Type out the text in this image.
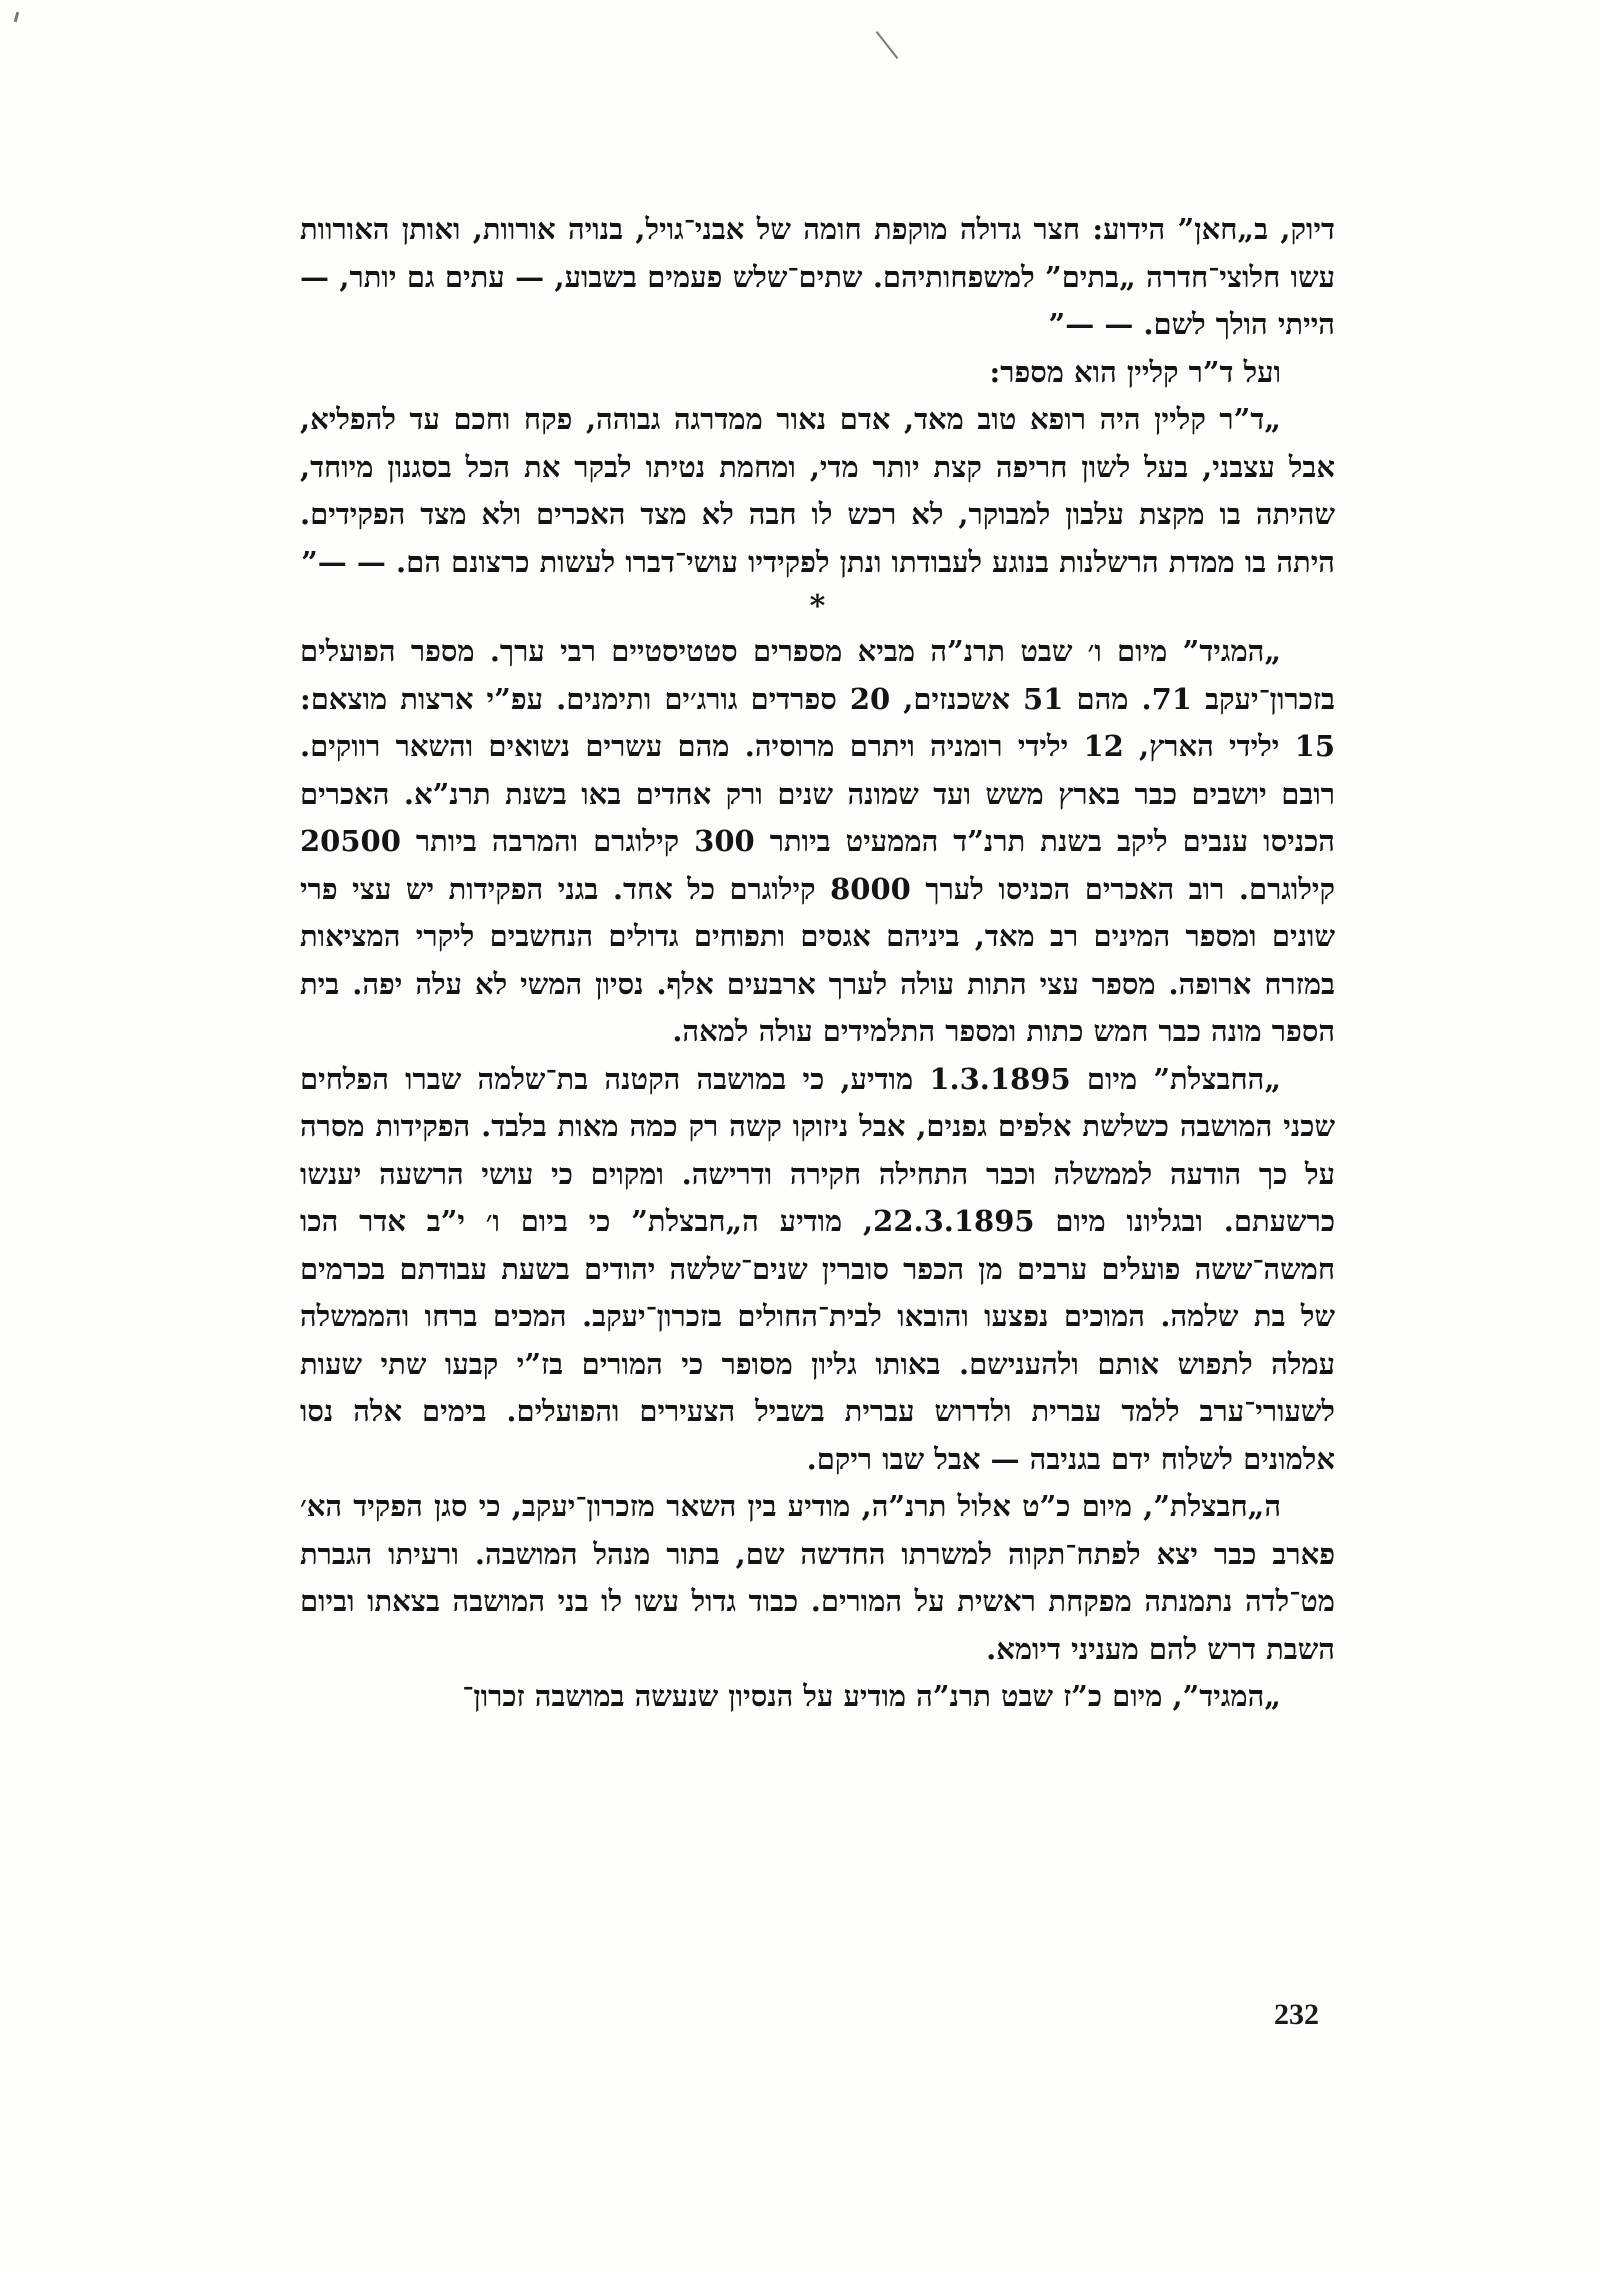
דיוק, ב„חאן” הידוע: חצר גדולה מוקפת חומה של אבני־גויל, בנויה אורוות, ואותן האורוות עשו חלוצי־חדרה „בתים” למשפחותיהם. שתים־שלש פעמים בשבוע, — עתים גם יותר, — הייתי הולך לשם. — —”

ועל ד”ר קליין הוא מספר:

„ד”ר קליין היה רופא טוב מאד, אדם נאור ממדרגה גבוהה, פקח וחכם עד להפליא, אבל עצבני, בעל לשון חריפה קצת יותר מדי, ומחמת נטיתו לבקר את הכל בסגנון מיוחד, שהיתה בו מקצת עלבון למבוקר, לא רכש לו חבה לא מצד האכרים ולא מצד הפקידים. היתה בו ממדת הרשלנות בנוגע לעבודתו ונתן לפקידיו עושי־דברו לעשות כרצונם הם. — —”

*

„המגיד” מיום ו׳ שבט תרנ”ה מביא מספרים סטטיסטיים רבי ערך. מספר הפועלים בזכרון־יעקב 71. מהם 51 אשכנזים, 20 ספרדים גורג׳ים ותימנים. עפ”י ארצות מוצאם: 15 ילידי הארץ, 12 ילידי רומניה ויתרם מרוסיה. מהם עשרים נשואים והשאר רווקים. רובם יושבים כבר בארץ משש ועד שמונה שנים ורק אחדים באו בשנת תרנ”א. האכרים הכניסו ענבים ליקב בשנת תרנ”ד הממעיט ביותר 300 קילוגרם והמרבה ביותר 20500 קילוגרם. רוב האכרים הכניסו לערך 8000 קילוגרם כל אחד. בגני הפקידות יש עצי פרי שונים ומספר המינים רב מאד, ביניהם אגסים ותפוחים גדולים הנחשבים ליקרי המציאות במזרח ארופה. מספר עצי התות עולה לערך ארבעים אלף. נסיון המשי לא עלה יפה. בית הספר מונה כבר חמש כתות ומספר התלמידים עולה למאה.

„החבצלת” מיום 1.3.1895 מודיע, כי במושבה הקטנה בת־שלמה שברו הפלחים שכני המושבה כשלשת אלפים גפנים, אבל ניזוקו קשה רק כמה מאות בלבד. הפקידות מסרה על כך הודעה לממשלה וכבר התחילה חקירה ודרישה. ומקוים כי עושי הרשעה יענשו כרשעתם. ובגליונו מיום 22.3.1895, מודיע ה„חבצלת” כי ביום ו׳ י”ב אדר הכו חמשה־ששה פועלים ערבים מן הכפר סוברין שנים־שלשה יהודים בשעת עבודתם בכרמים של בת שלמה. המוכים נפצעו והובאו לבית־החולים בזכרון־יעקב. המכים ברחו והממשלה עמלה לתפוש אותם ולהענישם. באותו גליון מסופר כי המורים בז”י קבעו שתי שעות לשעורי־ערב ללמד עברית ולדרוש עברית בשביל הצעירים והפועלים. בימים אלה נסו אלמונים לשלוח ידם בגניבה — אבל שבו ריקם.

ה„חבצלת”, מיום כ”ט אלול תרנ”ה, מודיע בין השאר מזכרון־יעקב, כי סגן הפקיד הא׳ פארב כבר יצא לפתח־תקוה למשרתו החדשה שם, בתור מנהל המושבה. ורעיתו הגברת מט־לדה נתמנתה מפקחת ראשית על המורים. כבוד גדול עשו לו בני המושבה בצאתו וביום השבת דרש להם מעניני דיומא.

„המגיד”, מיום כ”ז שבט תרנ”ה מודיע על הנסיון שנעשה במושבה זכרון־

232
